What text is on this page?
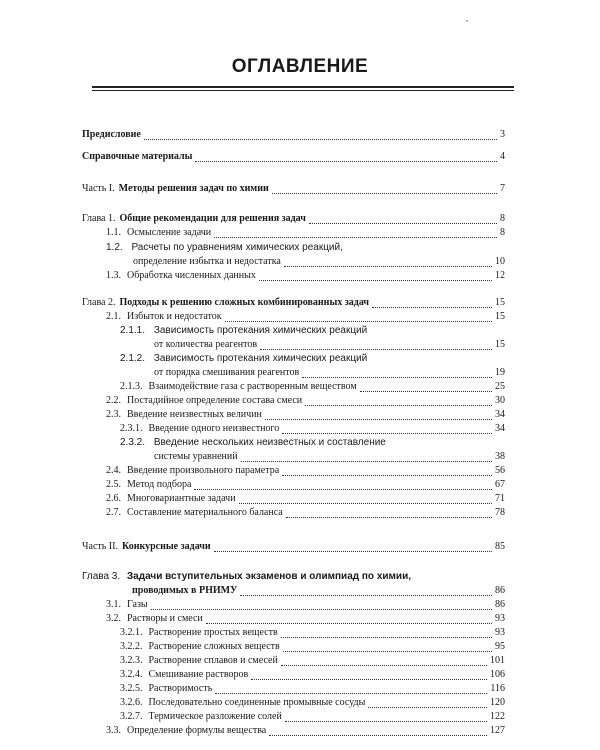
ОГЛАВЛЕНИЕ
Предисловие	3
Справочные материалы	4
Часть I. Методы решения задач по химии	7
Глава 1. Общие рекомендации для решения задач	8
1.1. Осмысление задачи	8
1.2. Расчеты по уравнениям химических реакций,
определение избытка и недостатка	10
1.3. Обработка численных данных	12
Глава 2. Подходы к решению сложных комбинированных задач	15
2.1. Избыток и недостаток	15
2.1.1. Зависимость протекания химических реакций
от количества реагентов	15
2.1.2. Зависимость протекания химических реакций
от порядка смешивания реагентов	19
2.1.3. Взаимодействие газа с растворенным веществом	25
2.2. Постадийное определение состава смеси	30
2.3. Введение неизвестных величин	34
2.3.1. Введение одного неизвестного	34
2.3.2. Введение нескольких неизвестных и составление
системы уравнений	38
2.4. Введение произвольного параметра	56
2.5. Метод подбора	67
2.6. Многовариантные задачи	71
2.7. Составление материального баланса	78
Часть II. Конкурсные задачи	85
Глава 3. Задачи вступительных экзаменов и олимпиад по химии,
проводимых в РНИМУ	86
3.1. Газы	86
3.2. Растворы и смеси	93
3.2.1. Растворение простых веществ	93
3.2.2. Растворение сложных веществ	95
3.2.3. Растворение сплавов и смесей	101
3.2.4. Смешивание растворов	106
3.2.5. Растворимость	116
3.2.6. Последовательно соединенные промывные сосуды	120
3.2.7. Термическое разложение солей	122
3.3. Определение формулы вещества	127
